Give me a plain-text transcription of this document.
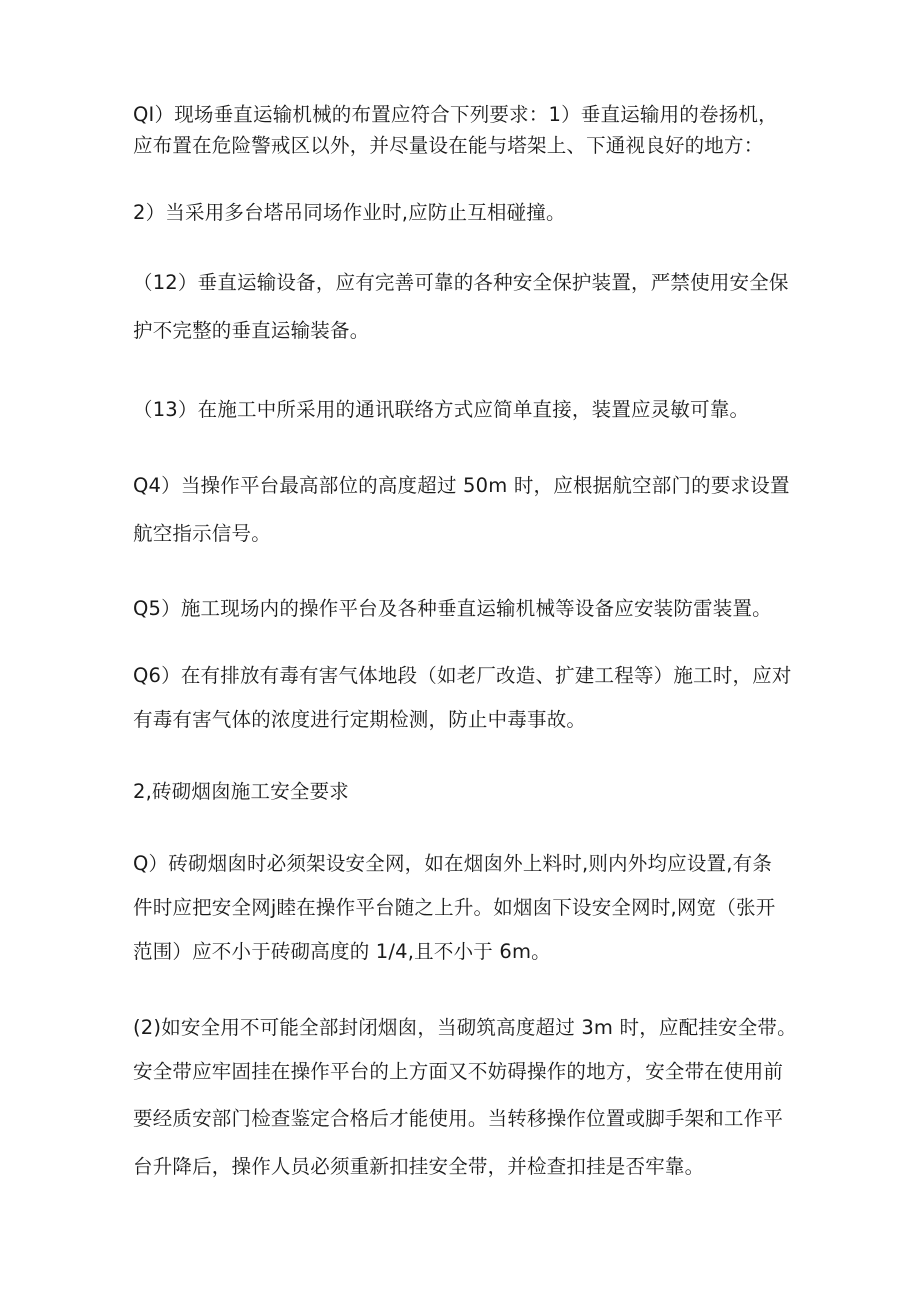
QI）现场垂直运输机械的布置应符合下列要求：1）垂直运输用的卷扬机，
应布置在危险警戒区以外，并尽量设在能与塔架上、下通视良好的地方：
2）当采用多台塔吊同场作业时,应防止互相碰撞。
（12）垂直运输设备，应有完善可靠的各种安全保护装置，严禁使用安全保
护不完整的垂直运输装备。
（13）在施工中所采用的通讯联络方式应简单直接，装置应灵敏可靠。
Q4）当操作平台最高部位的高度超过 50m 时，应根据航空部门的要求设置
航空指示信号。
Q5）施工现场内的操作平台及各种垂直运输机械等设备应安装防雷装置。
Q6）在有排放有毒有害气体地段（如老厂改造、扩建工程等）施工时，应对
有毒有害气体的浓度进行定期检测，防止中毒事故。
2,砖砌烟囱施工安全要求
Q）砖砌烟囱时必须架设安全网，如在烟囱外上料时,则内外均应设置,有条
件时应把安全网j睦在操作平台随之上升。如烟囱下设安全网时,网宽（张开
范围）应不小于砖砌高度的 1/4,且不小于 6m。
(2)如安全用不可能全部封闭烟囱，当砌筑高度超过 3m 时，应配挂安全带。
安全带应牢固挂在操作平台的上方面又不妨碍操作的地方，安全带在使用前
要经质安部门检查鉴定合格后才能使用。当转移操作位置或脚手架和工作平
台升降后，操作人员必须重新扣挂安全带，并检查扣挂是否牢靠。
